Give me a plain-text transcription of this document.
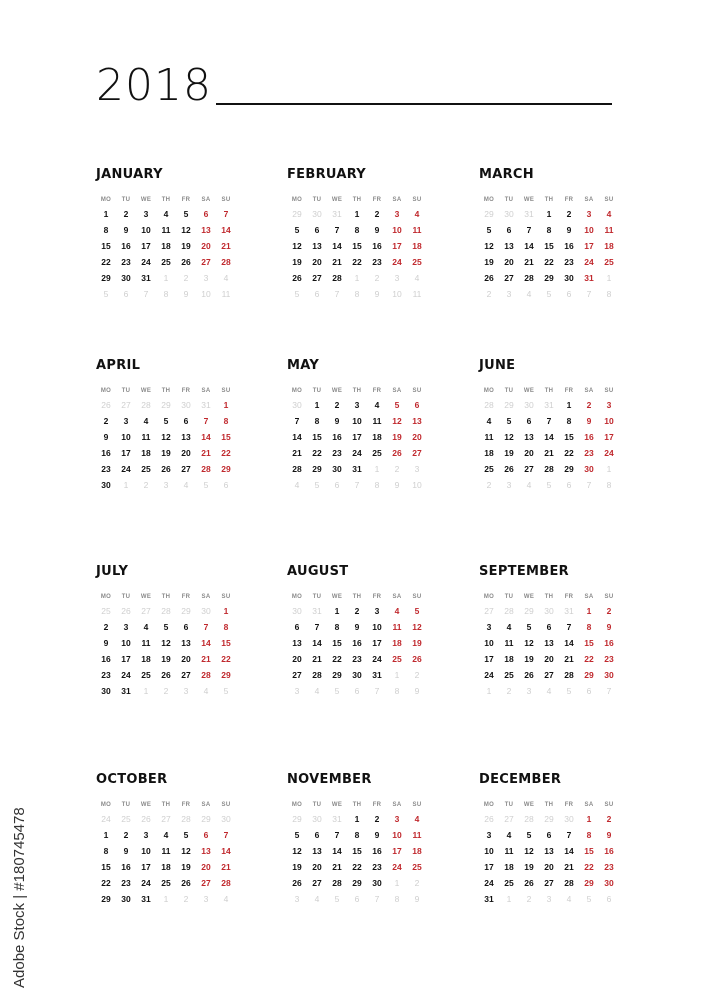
2018
JANUARY
MO	TU	WE	TH	FR	SA	SU
1	2	3	4	5	6	7
8	9	10	11	12	13	14
15	16	17	18	19	20	21
22	23	24	25	26	27	28
29	30	31	1	2	3	4
5	6	7	8	9	10	11
FEBRUARY
MO	TU	WE	TH	FR	SA	SU
29	30	31	1	2	3	4
5	6	7	8	9	10	11
12	13	14	15	16	17	18
19	20	21	22	23	24	25
26	27	28	1	2	3	4
5	6	7	8	9	10	11
MARCH
MO	TU	WE	TH	FR	SA	SU
29	30	31	1	2	3	4
5	6	7	8	9	10	11
12	13	14	15	16	17	18
19	20	21	22	23	24	25
26	27	28	29	30	31	1
2	3	4	5	6	7	8
APRIL
MO	TU	WE	TH	FR	SA	SU
26	27	28	29	30	31	1
2	3	4	5	6	7	8
9	10	11	12	13	14	15
16	17	18	19	20	21	22
23	24	25	26	27	28	29
30	1	2	3	4	5	6
MAY
MO	TU	WE	TH	FR	SA	SU
30	1	2	3	4	5	6
7	8	9	10	11	12	13
14	15	16	17	18	19	20
21	22	23	24	25	26	27
28	29	30	31	1	2	3
4	5	6	7	8	9	10
JUNE
MO	TU	WE	TH	FR	SA	SU
28	29	30	31	1	2	3
4	5	6	7	8	9	10
11	12	13	14	15	16	17
18	19	20	21	22	23	24
25	26	27	28	29	30	1
2	3	4	5	6	7	8
JULY
MO	TU	WE	TH	FR	SA	SU
25	26	27	28	29	30	1
2	3	4	5	6	7	8
9	10	11	12	13	14	15
16	17	18	19	20	21	22
23	24	25	26	27	28	29
30	31	1	2	3	4	5
AUGUST
MO	TU	WE	TH	FR	SA	SU
30	31	1	2	3	4	5
6	7	8	9	10	11	12
13	14	15	16	17	18	19
20	21	22	23	24	25	26
27	28	29	30	31	1	2
3	4	5	6	7	8	9
SEPTEMBER
MO	TU	WE	TH	FR	SA	SU
27	28	29	30	31	1	2
3	4	5	6	7	8	9
10	11	12	13	14	15	16
17	18	19	20	21	22	23
24	25	26	27	28	29	30
1	2	3	4	5	6	7
OCTOBER
MO	TU	WE	TH	FR	SA	SU
24	25	26	27	28	29	30
1	2	3	4	5	6	7
8	9	10	11	12	13	14
15	16	17	18	19	20	21
22	23	24	25	26	27	28
29	30	31	1	2	3	4
NOVEMBER
MO	TU	WE	TH	FR	SA	SU
29	30	31	1	2	3	4
5	6	7	8	9	10	11
12	13	14	15	16	17	18
19	20	21	22	23	24	25
26	27	28	29	30	1	2
3	4	5	6	7	8	9
DECEMBER
MO	TU	WE	TH	FR	SA	SU
26	27	28	29	30	1	2
3	4	5	6	7	8	9
10	11	12	13	14	15	16
17	18	19	20	21	22	23
24	25	26	27	28	29	30
31	1	2	3	4	5	6
Adobe Stock | #180745478
